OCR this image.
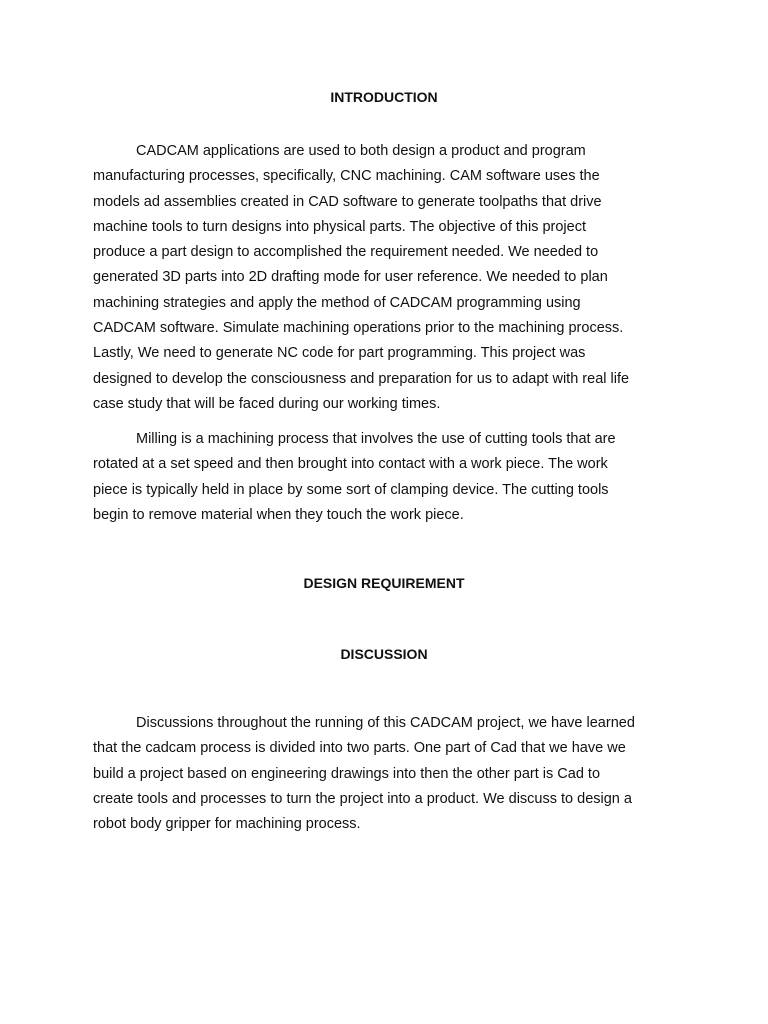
INTRODUCTION
CADCAM applications are used to both design a product and program
manufacturing processes, specifically, CNC machining. CAM software uses the
models ad assemblies created in CAD software to generate toolpaths that drive
machine tools to turn designs into physical parts. The objective of this project
produce a part design to accomplished the requirement needed. We needed to
generated 3D parts into 2D drafting mode for user reference. We needed to plan
machining strategies and apply the method of CADCAM programming using
CADCAM software. Simulate machining operations prior to the machining process.
Lastly, We need to generate NC code for part programming. This project was
designed to develop the consciousness and preparation for us to adapt with real life
case study that will be faced during our working times.
Milling is a machining process that involves the use of cutting tools that are
rotated at a set speed and then brought into contact with a work piece. The work
piece is typically held in place by some sort of clamping device. The cutting tools
begin to remove material when they touch the work piece.
DESIGN REQUIREMENT
DISCUSSION
Discussions throughout the running of this CADCAM project, we have learned
that the cadcam process is divided into two parts. One part of Cad that we have we
build a project based on engineering drawings into then the other part is Cad to
create tools and processes to turn the project into a product. We discuss to design a
robot body gripper for machining process.
